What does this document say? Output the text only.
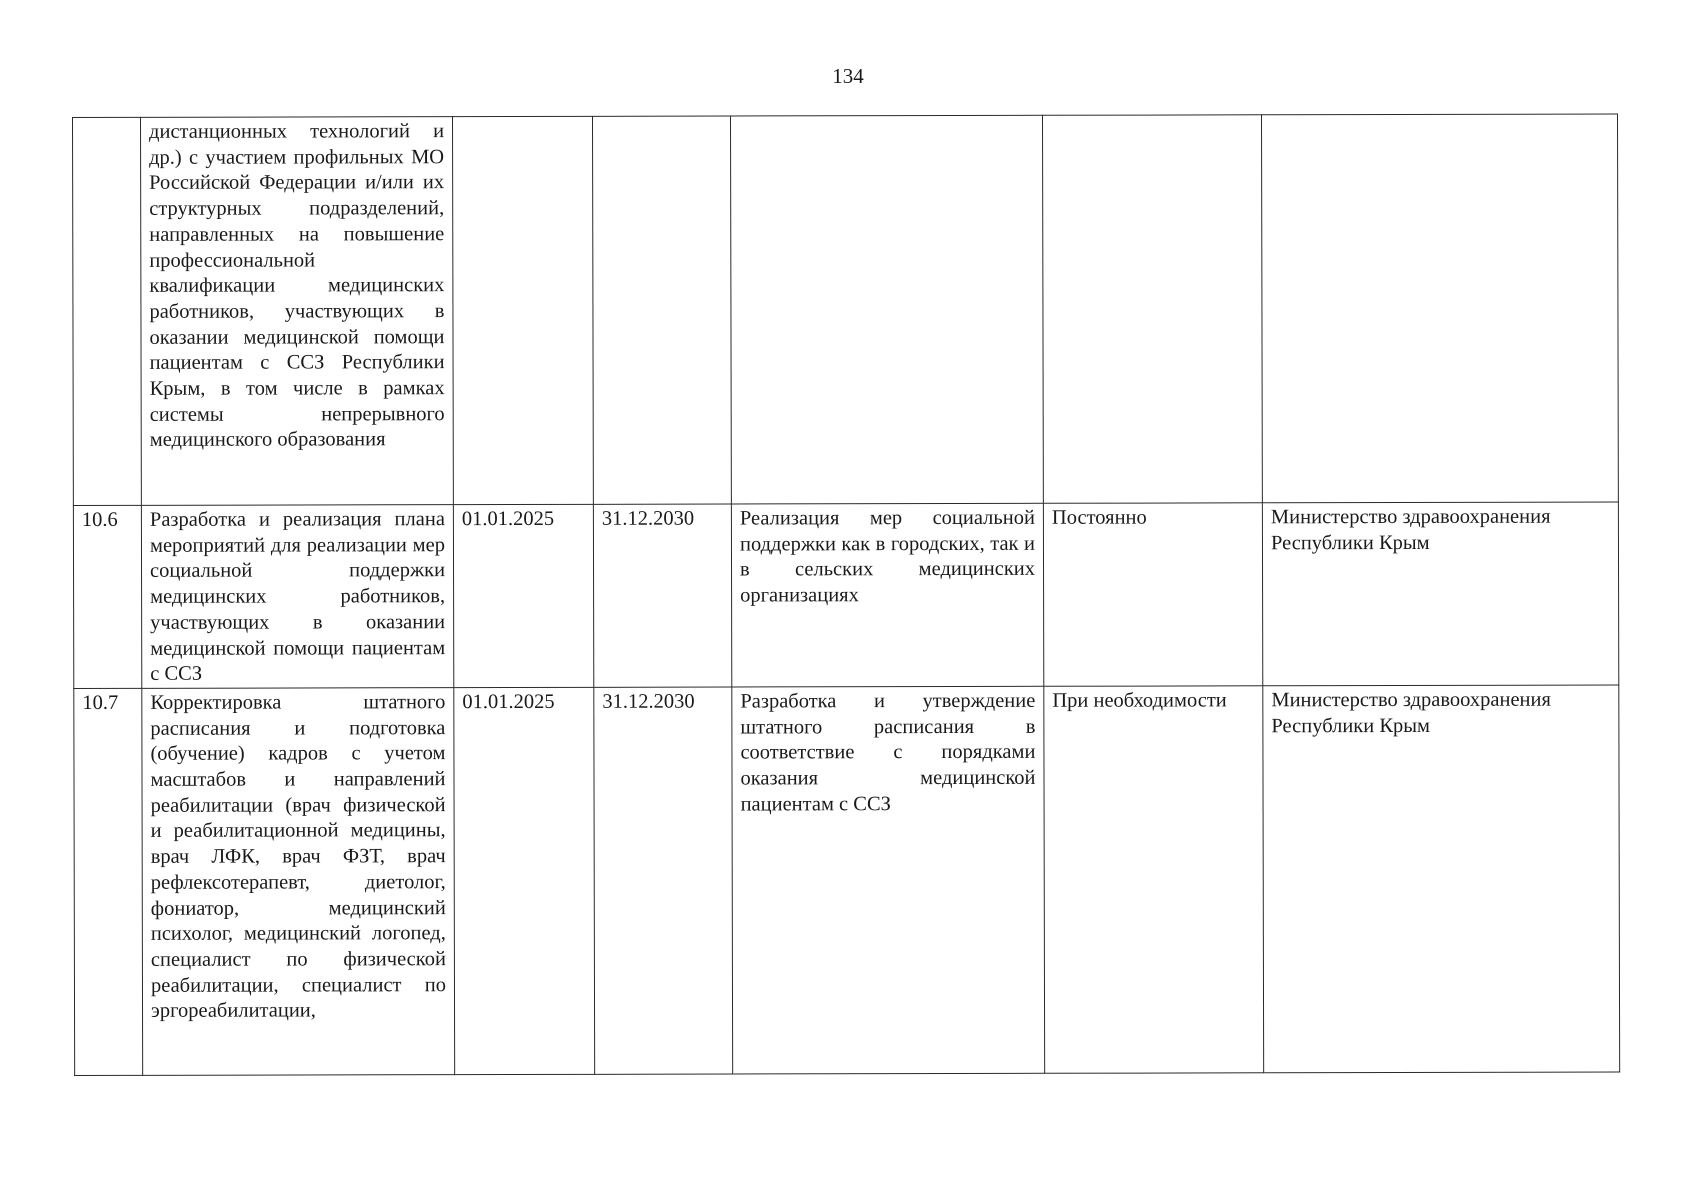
134
	дистанционных технологий и др.) с участием профильных МО Российской Федерации и/или их структурных подразделений, направленных на повышение профессиональной квалификации медицинских работников, участвующих в оказании медицинской помощи пациентам с ССЗ Республики Крым, в том числе в рамках системы непрерывного медицинского образования					
10.6	Разработка и реализация плана мероприятий для реализации мер социальной поддержки медицинских работников, участвующих в оказании медицинской помощи пациентам с ССЗ	01.01.2025	31.12.2030	Реализация мер социальной поддержки как в городских, так и в сельских медицинских организациях	Постоянно	Министерство здравоохранения Республики Крым
10.7	Корректировка штатного расписания и подготовка (обучение) кадров с учетом масштабов и направлений реабилитации (врач физической и реабилитационной медицины, врач ЛФК, врач ФЗТ, врач рефлексотерапевт, диетолог, фониатор, медицинский психолог, медицинский логопед, специалист по физической реабилитации, специалист по эргореабилитации,	01.01.2025	31.12.2030	Разработка и утверждение штатного расписания в соответствие с порядками оказания медицинской пациентам с ССЗ	При необходимости	Министерство здравоохранения Республики Крым
